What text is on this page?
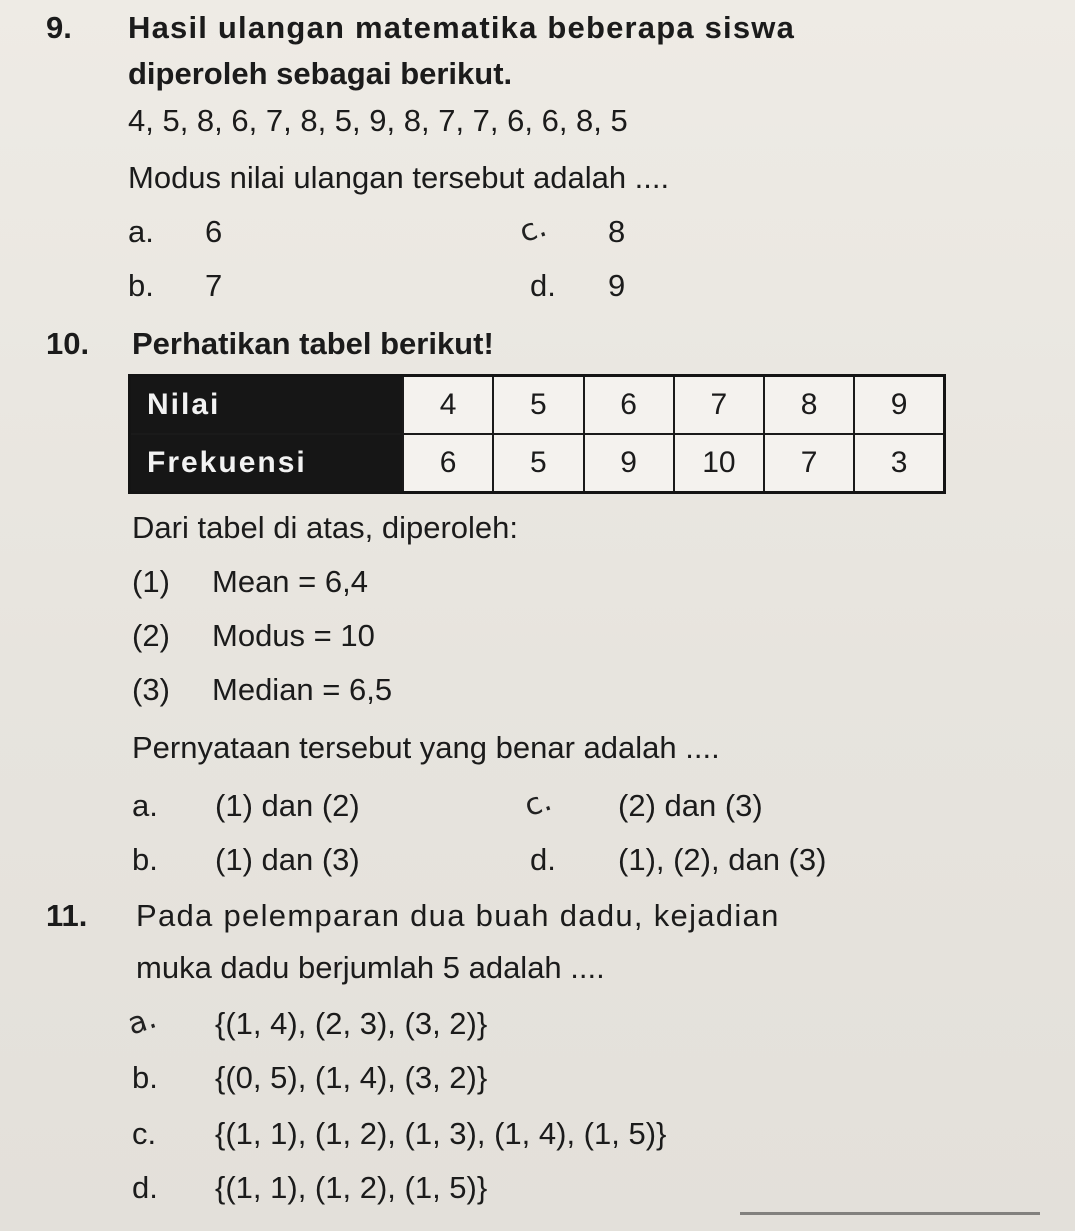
9. Hasil ulangan matematika beberapa siswa
diperoleh sebagai berikut.
4, 5, 8, 6, 7, 8, 5, 9, 8, 7, 7, 6, 6, 8, 5
Modus nilai ulangan tersebut adalah ....
a. 6
b. 7
c. 8
d. 9
10. Perhatikan tabel berikut!
Nilai	4	5	6	7	8	9
Frekuensi	6	5	9	10	7	3
Dari tabel di atas, diperoleh:
(1) Mean = 6,4
(2) Modus = 10
(3) Median = 6,5
Pernyataan tersebut yang benar adalah ....
a. (1) dan (2)
b. (1) dan (3)
c. (2) dan (3)
d. (1), (2), dan (3)
11. Pada pelemparan dua buah dadu, kejadian
muka dadu berjumlah 5 adalah ....
a. {(1, 4), (2, 3), (3, 2)}
b. {(0, 5), (1, 4), (3, 2)}
c. {(1, 1), (1, 2), (1, 3), (1, 4), (1, 5)}
d. {(1, 1), (1, 2), (1, 5)}
